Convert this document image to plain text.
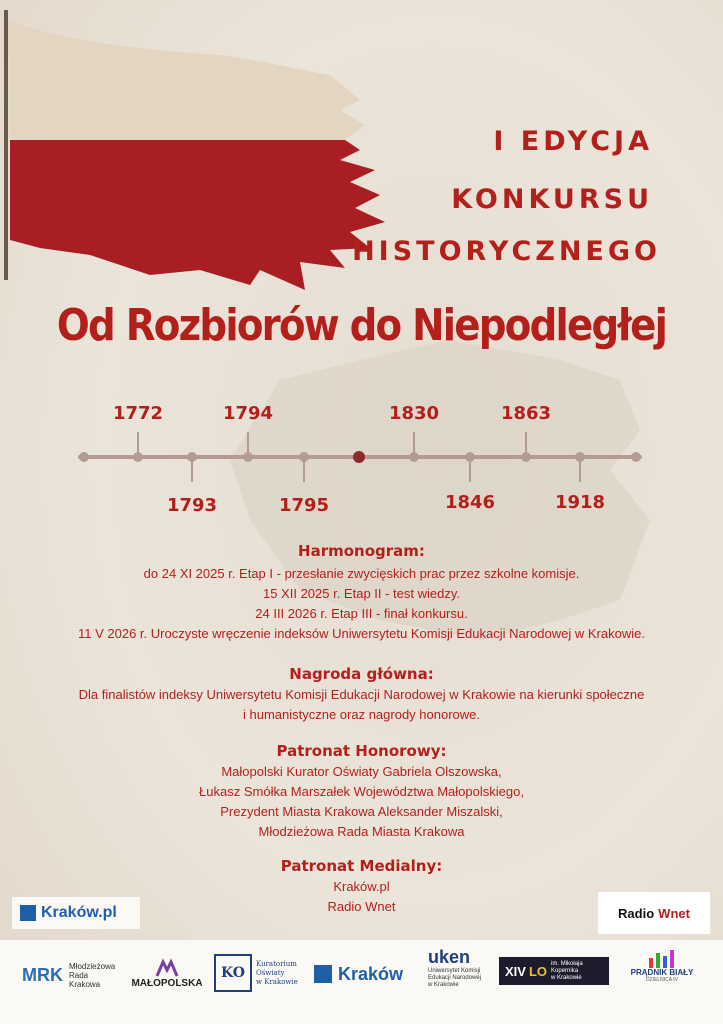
I EDYCJA
KONKURSU
HISTORYCZNEGO
Od Rozbiorów do Niepodległej
1772	1794	1830	1863
1793	1795	1846	1918
Harmonogram:
do 24 XI 2025 r. Etap I - przesłanie zwycięskich prac przez szkolne komisje.
15 XII 2025 r. Etap II - test wiedzy.
24 III 2026 r. Etap III - finał konkursu.
11 V 2026 r. Uroczyste wręczenie indeksów Uniwersytetu Komisji Edukacji Narodowej w Krakowie.
Nagroda główna:
Dla finalistów indeksy Uniwersytetu Komisji Edukacji Narodowej w Krakowie na kierunki społeczne
i humanistyczne oraz nagrody honorowe.
Patronat Honorowy:
Małopolski Kurator Oświaty Gabriela Olszowska,
Łukasz Smółka Marszałek Województwa Małopolskiego,
Prezydent Miasta Krakowa Aleksander Miszalski,
Młodzieżowa Rada Miasta Krakowa
Patronat Medialny:
Kraków.pl
Radio Wnet
Kraków.pl	Radio Wnet
MRK Młodzieżowa
Rada
Krakowa	MAŁOPOLSKA
KO
Kuratorium
Oświaty
w Krakowie Kraków
uken
Uniwersytet Komisji
Edukacji Narodowej
w Krakowie
XIV LO im. Mikołaja
Kopernika
w Krakowie
PRĄDNIK BIAŁY
DZIELNICA IV
